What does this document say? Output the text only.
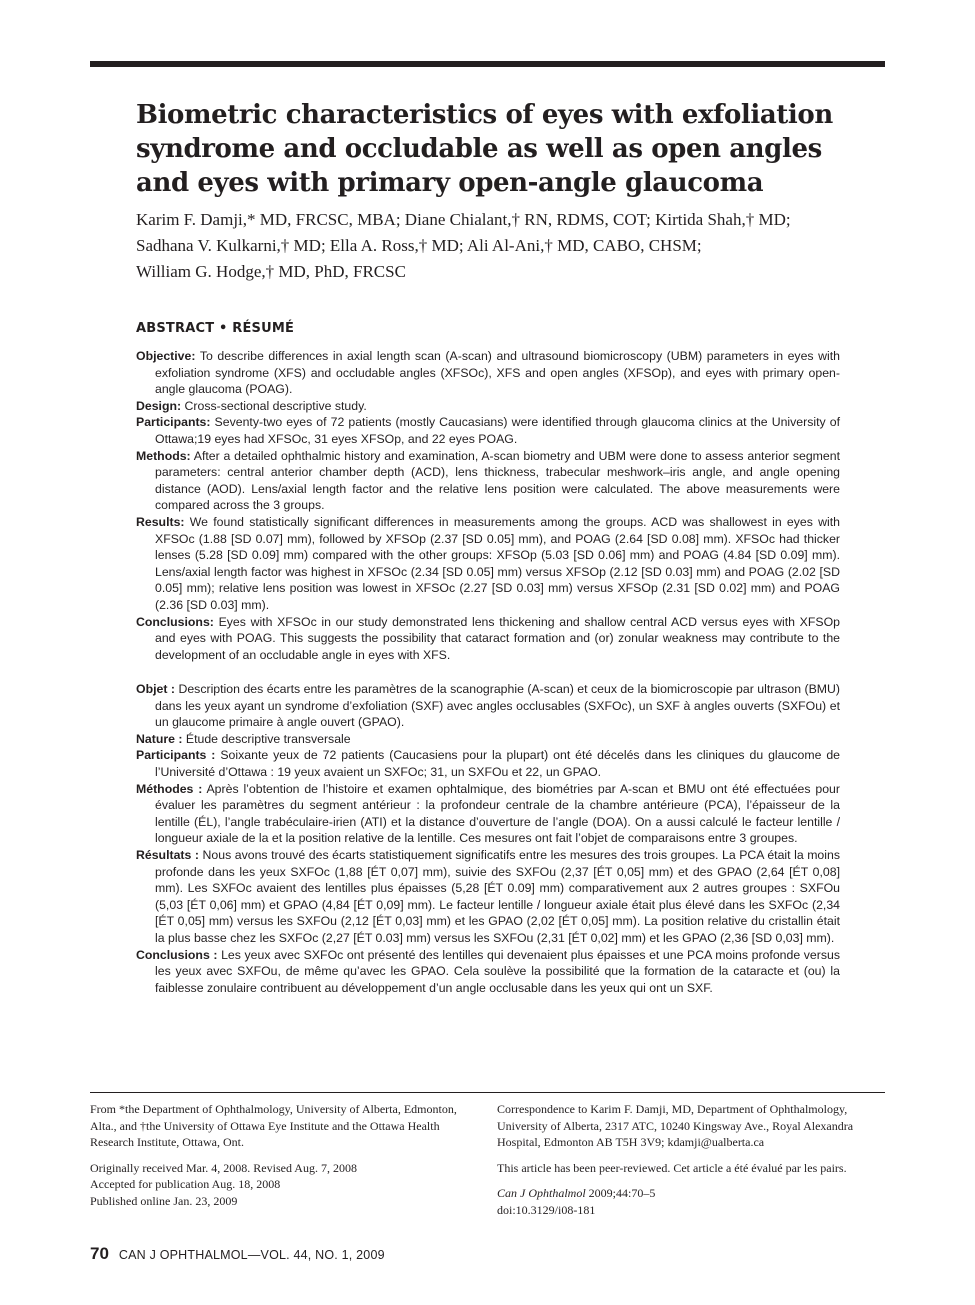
Biometric characteristics of eyes with exfoliation
syndrome and occludable as well as open angles
and eyes with primary open-angle glaucoma
Karim F. Damji,* MD, FRCSC, MBA; Diane Chialant,† RN, RDMS, COT; Kirtida Shah,† MD;
Sadhana V. Kulkarni,† MD; Ella A. Ross,† MD; Ali Al-Ani,† MD, CABO, CHSM;
William G. Hodge,† MD, PhD, FRCSC
ABSTRACT • RÉSUMÉ

Objective: To describe differences in axial length scan (A-scan) and ultrasound biomicroscopy (UBM) parameters in eyes with exfoliation syndrome (XFS) and occludable angles (XFSOc), XFS and open angles (XFSOp), and eyes with primary open-angle glaucoma (POAG).

Design: Cross-sectional descriptive study.

Participants: Seventy-two eyes of 72 patients (mostly Caucasians) were identified through glaucoma clinics at the University of Ottawa;19 eyes had XFSOc, 31 eyes XFSOp, and 22 eyes POAG.

Methods: After a detailed ophthalmic history and examination, A-scan biometry and UBM were done to assess anterior segment parameters: central anterior chamber depth (ACD), lens thickness, trabecular meshwork–iris angle, and angle opening distance (AOD). Lens/axial length factor and the relative lens position were calculated. The above measurements were compared across the 3 groups.

Results: We found statistically significant differences in measurements among the groups. ACD was shallowest in eyes with XFSOc (1.88 [SD 0.07] mm), followed by XFSOp (2.37 [SD 0.05] mm), and POAG (2.64 [SD 0.08] mm). XFSOc had thicker lenses (5.28 [SD 0.09] mm) compared with the other groups: XFSOp (5.03 [SD 0.06] mm) and POAG (4.84 [SD 0.09] mm). Lens/axial length factor was highest in XFSOc (2.34 [SD 0.05] mm) versus XFSOp (2.12 [SD 0.03] mm) and POAG (2.02 [SD 0.05] mm); relative lens position was lowest in XFSOc (2.27 [SD 0.03] mm) versus XFSOp (2.31 [SD 0.02] mm) and POAG (2.36 [SD 0.03] mm).

Conclusions: Eyes with XFSOc in our study demonstrated lens thickening and shallow central ACD versus eyes with XFSOp and eyes with POAG. This suggests the possibility that cataract formation and (or) zonular weakness may contribute to the development of an occludable angle in eyes with XFS.

Objet : Description des écarts entre les paramètres de la scanographie (A-scan) et ceux de la biomicroscopie par ultrason (BMU) dans les yeux ayant un syndrome d’exfoliation (SXF) avec angles occlusables (SXFOc), un SXF à angles ouverts (SXFOu) et un glaucome primaire à angle ouvert (GPAO).

Nature : Étude descriptive transversale

Participants : Soixante yeux de 72 patients (Caucasiens pour la plupart) ont été décelés dans les cliniques du glaucome de l’Université d’Ottawa : 19 yeux avaient un SXFOc; 31, un SXFOu et 22, un GPAO.

Méthodes : Après l’obtention de l’histoire et examen ophtalmique, des biométries par A-scan et BMU ont été effectuées pour évaluer les paramètres du segment antérieur : la profondeur centrale de la chambre antérieure (PCA), l’épaisseur de la lentille (ÉL), l’angle trabéculaire-irien (ATI) et la distance d’ouverture de l’angle (DOA). On a aussi calculé le facteur lentille / longueur axiale de la et la position relative de la lentille. Ces mesures ont fait l’objet de comparaisons entre 3 groupes.

Résultats : Nous avons trouvé des écarts statistiquement significatifs entre les mesures des trois groupes. La PCA était la moins profonde dans les yeux SXFOc (1,88 [ÉT 0,07] mm), suivie des SXFOu (2,37 [ÉT 0,05] mm) et des GPAO (2,64 [ÉT 0,08] mm). Les SXFOc avaient des lentilles plus épaisses (5,28 [ÉT 0.09] mm) comparativement aux 2 autres groupes : SXFOu (5,03 [ÉT 0,06] mm) et GPAO (4,84 [ÉT 0,09] mm). Le facteur lentille / longueur axiale était plus élevé dans les SXFOc (2,34 [ÉT 0,05] mm) versus les SXFOu (2,12 [ÉT 0,03] mm) et les GPAO (2,02 [ÉT 0,05] mm). La position relative du cristallin était la plus basse chez les SXFOc (2,27 [ÉT 0.03] mm) versus les SXFOu (2,31 [ÉT 0,02] mm) et les GPAO (2,36 [SD 0,03] mm).

Conclusions : Les yeux avec SXFOc ont présenté des lentilles qui devenaient plus épaisses et une PCA moins profonde versus les yeux avec SXFOu, de même qu’avec les GPAO. Cela soulève la possibilité que la formation de la cataracte et (ou) la faiblesse zonulaire contribuent au développement d’un angle occlusable dans les yeux qui ont un SXF.

From *the Department of Ophthalmology, University of Alberta, Edmonton, Alta., and †the University of Ottawa Eye Institute and the Ottawa Health Research Institute, Ottawa, Ont.

Originally received Mar. 4, 2008. Revised Aug. 7, 2008
Accepted for publication Aug. 18, 2008
Published online Jan. 23, 2009

Correspondence to Karim F. Damji, MD, Department of Ophthalmology, University of Alberta, 2317 ATC, 10240 Kingsway Ave., Royal Alexandra Hospital, Edmonton AB T5H 3V9; kdamji@ualberta.ca

This article has been peer-reviewed. Cet article a été évalué par les pairs.

Can J Ophthalmol 2009;44:70–5

doi:10.3129/i08-181

70 CAN J OPHTHALMOL—VOL. 44, NO. 1, 2009
